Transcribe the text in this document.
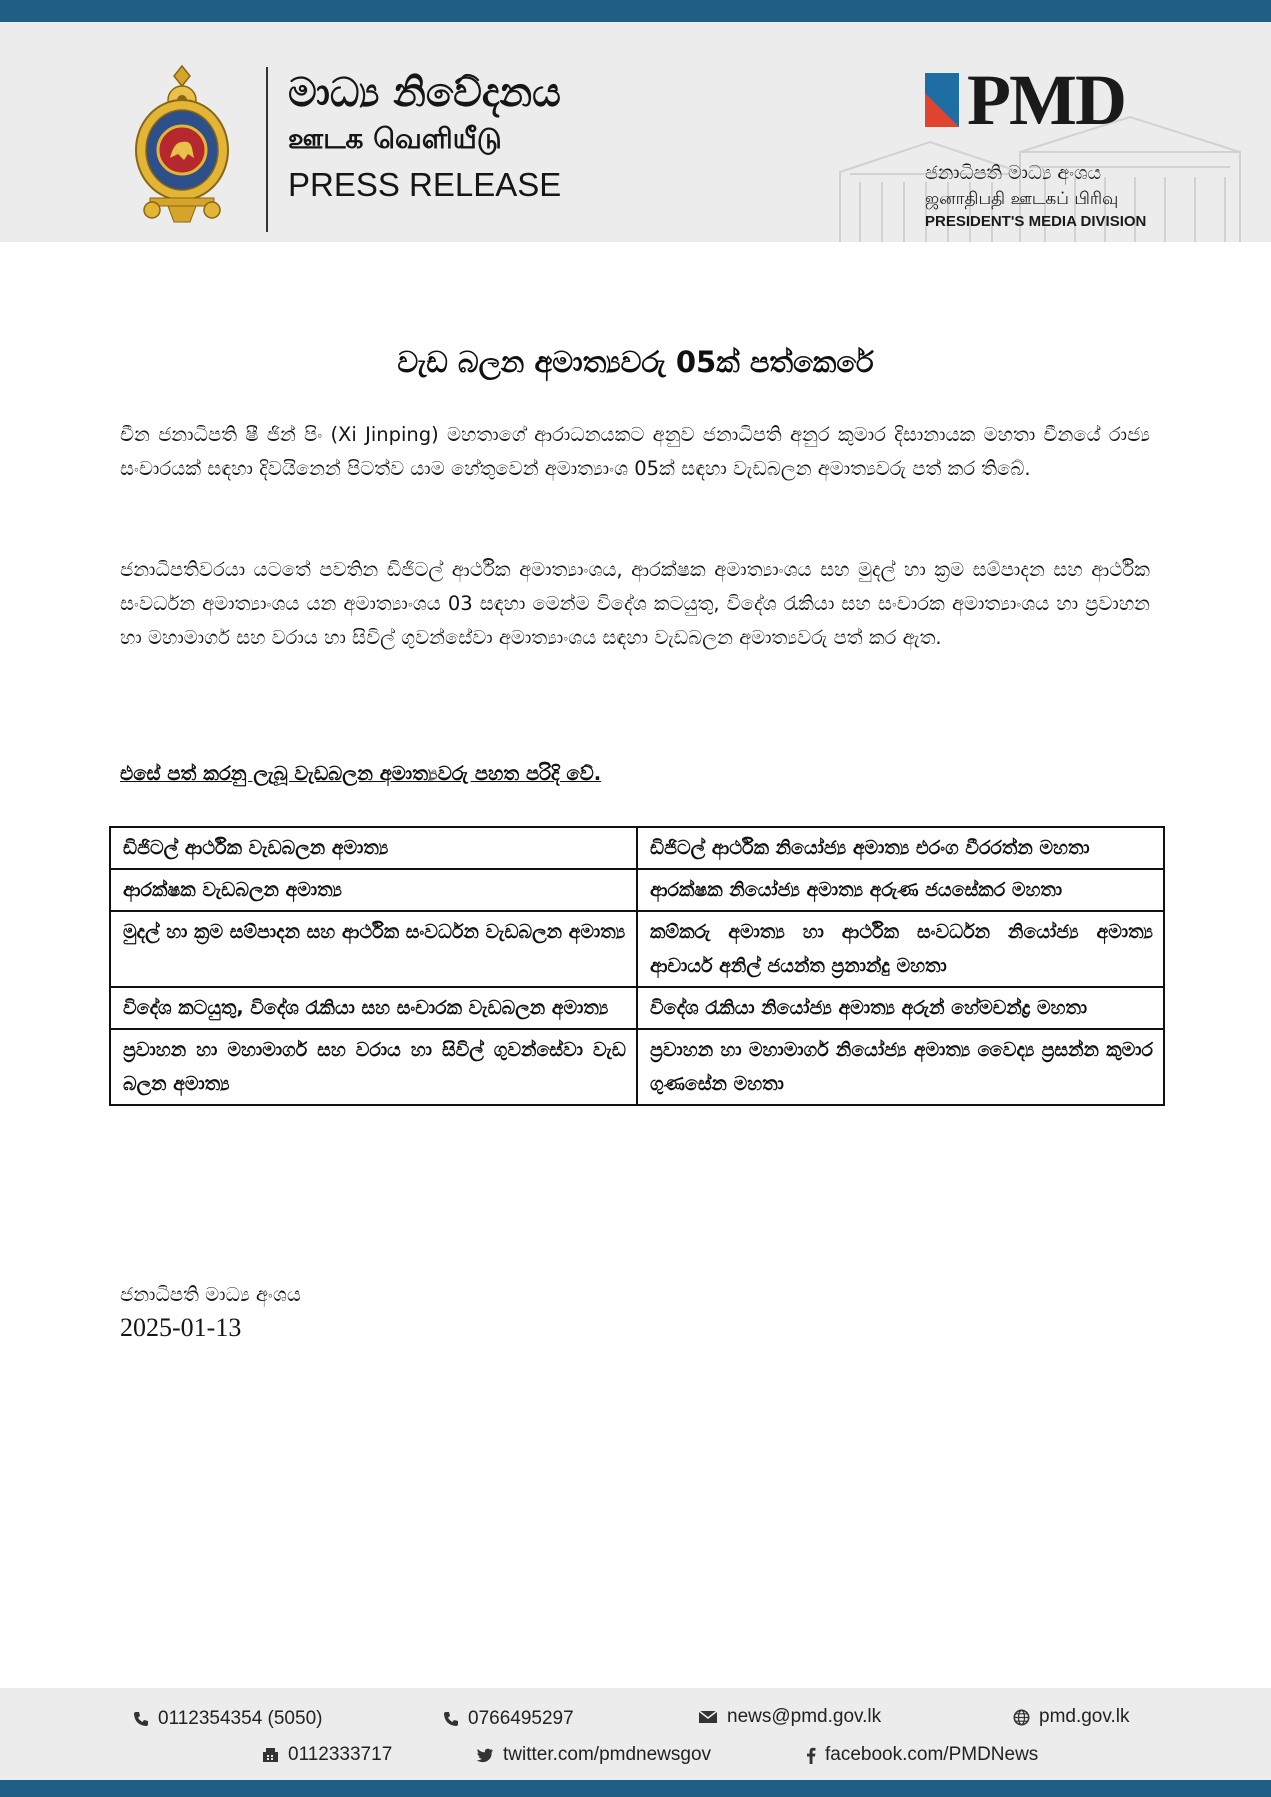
මාධ්‍ය නිවේදනය
ஊடக வெளியீடு
PRESS RELEASE
PMD
ජනාධිපති මාධ්‍ය අංශය
ஜனாதிபதி ஊடகப் பிரிவு
PRESIDENT'S MEDIA DIVISION
වැඩ බලන අමාත්‍යවරු 05ක් පත්කෙරේ
චීන ජනාධිපති ෂී ජින් පිං (Xi Jinping) මහතාගේ ආරාධනයකට අනුව ජනාධිපති අනුර කුමාර දිසානායක මහතා චීනයේ රාජ්‍ය සංචාරයක් සඳහා දිවයිනෙන් පිටත්ව යාම හේතුවෙන් අමාත්‍යාංශ 05ක් සඳහා වැඩබලන අමාත්‍යවරු පත් කර තිබේ.
ජනාධිපතිවරයා යටතේ පවතින ඩිජිටල් ආර්ථික අමාත්‍යාංශය, ආරක්ෂක අමාත්‍යාංශය සහ මුදල් හා ක්‍රම සම්පාදන සහ ආර්ථික සංවර්ධන අමාත්‍යාංශය යන අමාත්‍යාංශය 03 සඳහා මෙන්ම විදේශ කටයුතු, විදේශ රැකියා සහ සංචාරක අමාත්‍යාංශය හා ප්‍රවාහන හා මහාමාර්ග සහ වරාය හා සිවිල් ගුවන්සේවා අමාත්‍යාංශය සඳහා වැඩබලන අමාත්‍යවරු පත් කර ඇත.
එසේ පත් කරනු ලැබූ වැඩබලන අමාත්‍යවරු පහත පරිදි වේ.
ඩිජිටල් ආර්ථික වැඩබලන අමාත්‍ය	ඩිජිටල් ආර්ථික නියෝජ්‍ය අමාත්‍ය එරංග වීරරත්න මහතා
ආරක්ෂක වැඩබලන අමාත්‍ය	ආරක්ෂක නියෝජ්‍ය අමාත්‍ය අරුණ ජයසේකර මහතා
මුදල් හා ක්‍රම සම්පාදන සහ ආර්ථික සංවර්ධන වැඩබලන අමාත්‍ය	කම්කරු අමාත්‍ය හා ආර්ථික සංවර්ධන නියෝජ්‍ය අමාත්‍ය ආචාර්ය අනිල් ජයන්ත ප්‍රනාන්දු මහතා
විදේශ කටයුතු, විදේශ රැකියා සහ සංචාරක වැඩබලන අමාත්‍ය	විදේශ රැකියා නියෝජ්‍ය අමාත්‍ය අරුන් හේමචන්ද්‍ර මහතා
ප්‍රවාහන හා මහාමාර්ග සහ වරාය හා සිවිල් ගුවන්සේවා වැඩ බලන අමාත්‍ය	ප්‍රවාහන හා මහාමාර්ග නියෝජ්‍ය අමාත්‍ය වෛද්‍ය ප්‍රසන්න කුමාර ගුණසේන මහතා
ජනාධිපති මාධ්‍ය අංශය
2025-01-13
0112354354 (5050)	0766495297	news@pmd.gov.lk	pmd.gov.lk
0112333717	twitter.com/pmdnewsgov	facebook.com/PMDNews
